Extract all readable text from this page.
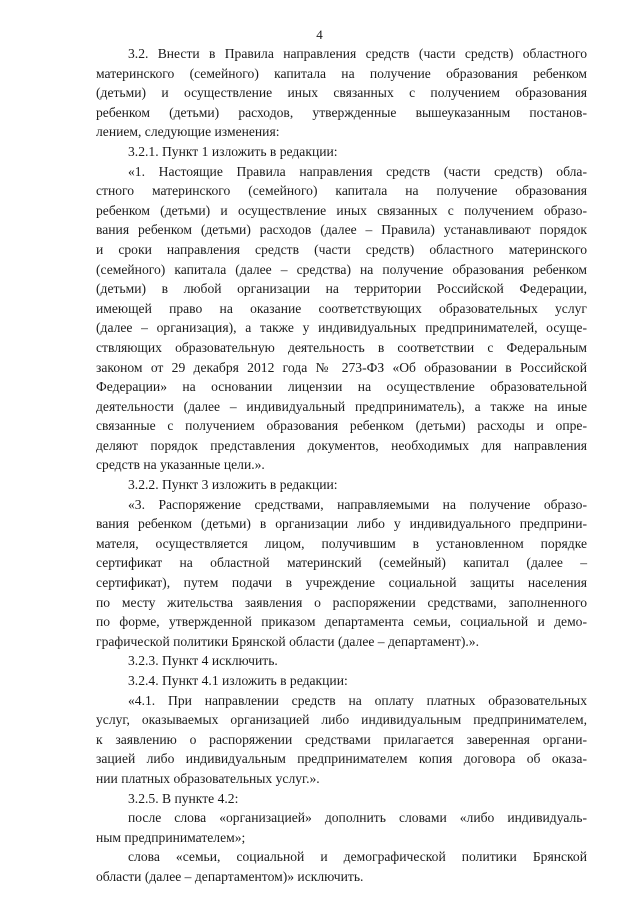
4
3.2. Внести в Правила направления средств (части средств) областного
материнского (семейного) капитала на получение образования ребенком
(детьми) и осуществление иных связанных с получением образования
ребенком (детьми) расходов, утвержденные вышеуказанным постанов-
лением, следующие изменения:
3.2.1. Пункт 1 изложить в редакции:
«1. Настоящие Правила направления средств (части средств) обла-
стного материнского (семейного) капитала на получение образования
ребенком (детьми) и осуществление иных связанных с получением образо-
вания ребенком (детьми) расходов (далее – Правила) устанавливают порядок
и сроки направления средств (части средств) областного материнского
(семейного) капитала (далее – средства) на получение образования ребенком
(детьми) в любой организации на территории Российской Федерации,
имеющей право на оказание соответствующих образовательных услуг
(далее – организация), а также у индивидуальных предпринимателей, осуще-
ствляющих образовательную деятельность в соответствии с Федеральным
законом от 29 декабря 2012 года № 273-ФЗ «Об образовании в Российской
Федерации» на основании лицензии на осуществление образовательной
деятельности (далее – индивидуальный предприниматель), а также на иные
связанные с получением образования ребенком (детьми) расходы и опре-
деляют порядок представления документов, необходимых для направления
средств на указанные цели.».
3.2.2. Пункт 3 изложить в редакции:
«3. Распоряжение средствами, направляемыми на получение образо-
вания ребенком (детьми) в организации либо у индивидуального предприни-
мателя, осуществляется лицом, получившим в установленном порядке
сертификат на областной материнский (семейный) капитал (далее –
сертификат), путем подачи в учреждение социальной защиты населения
по месту жительства заявления о распоряжении средствами, заполненного
по форме, утвержденной приказом департамента семьи, социальной и демо-
графической политики Брянской области (далее – департамент).».
3.2.3. Пункт 4 исключить.
3.2.4. Пункт 4.1 изложить в редакции:
«4.1. При направлении средств на оплату платных образовательных
услуг, оказываемых организацией либо индивидуальным предпринимателем,
к заявлению о распоряжении средствами прилагается заверенная органи-
зацией либо индивидуальным предпринимателем копия договора об оказа-
нии платных образовательных услуг.».
3.2.5. В пункте 4.2:
после слова «организацией» дополнить словами «либо индивидуаль-
ным предпринимателем»;
слова «семьи, социальной и демографической политики Брянской
области (далее – департаментом)» исключить.
